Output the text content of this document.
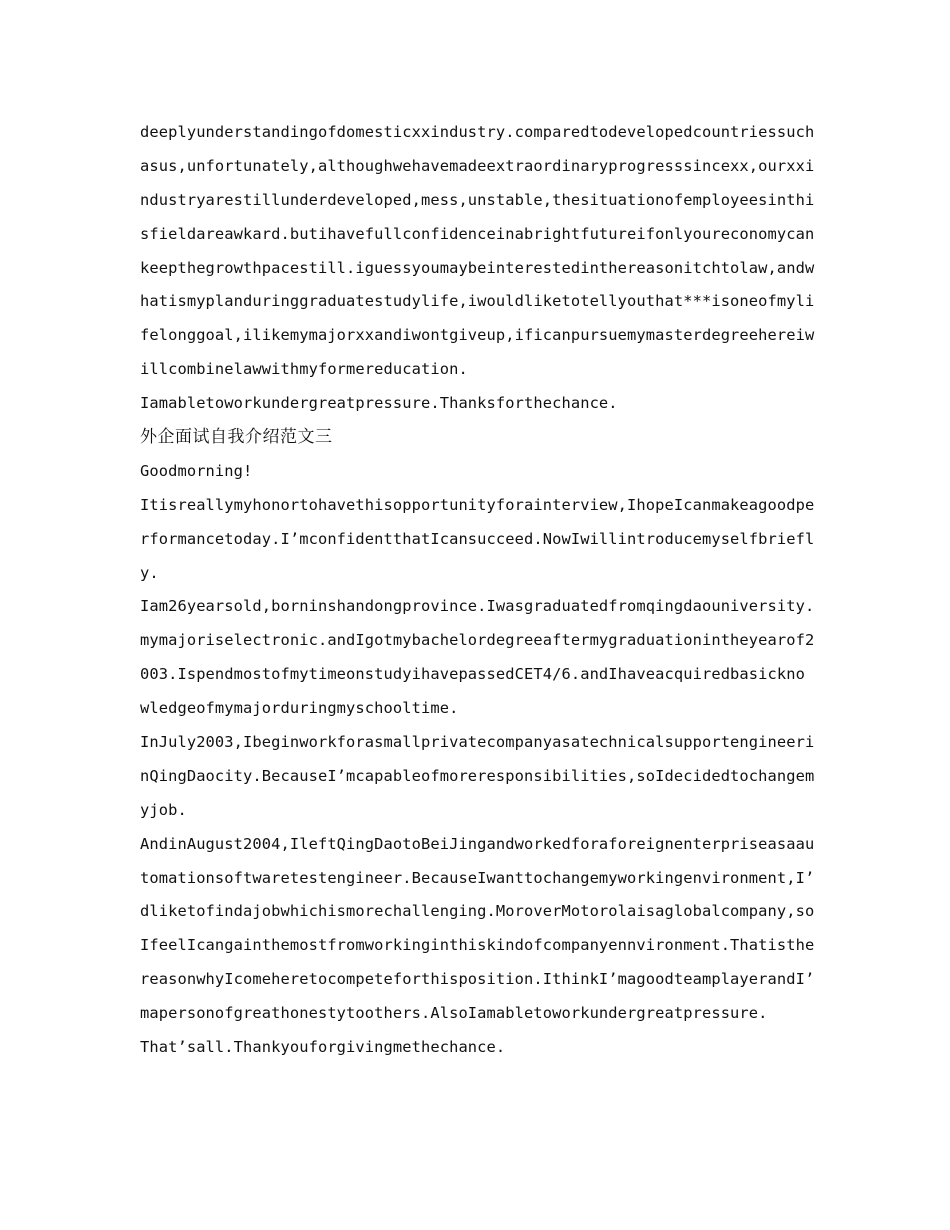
deeplyunderstandingofdomesticxxindustry.comparedtodevelopedcountriessuch
asus,unfortunately,althoughwehavemadeextraordinaryprogresssincexx,ourxxi
ndustryarestillunderdeveloped,mess,unstable,thesituationofemployeesinthi
sfieldareawkard.butihavefullconfidenceinabrightfutureifonlyoureconomycan
keepthegrowthpacestill.iguessyoumaybeinterestedinthereasonitchtolaw,andw
hatismyplanduringgraduatestudylife,iwouldliketotellyouthat***isoneofmyli
felonggoal,ilikemymajorxxandiwontgiveup,ificanpursuemymasterdegreehereiw
illcombinelawwithmyformereducation.
Iamabletoworkundergreatpressure.Thanksforthechance.
外企面试自我介绍范文三
Goodmorning!
Itisreallymyhonortohavethisopportunityforainterview,IhopeIcanmakeagoodpe
rformancetoday.I’mconfidentthatIcansucceed.NowIwillintroducemyselfbriefl
y.
Iam26yearsold,borninshandongprovince.Iwasgraduatedfromqingdaouniversity.
mymajoriselectronic.andIgotmybachelordegreeaftermygraduationintheyearof2
003.IspendmostofmytimeonstudyihavepassedCET4/6.andIhaveacquiredbasickno
wledgeofmymajorduringmyschooltime.
InJuly2003,Ibeginworkforasmallprivatecompanyasatechnicalsupportengineeri
nQingDaocity.BecauseI’mcapableofmoreresponsibilities,soIdecidedtochangem
yjob.
AndinAugust2004,IleftQingDaotoBeiJingandworkedforaforeignenterpriseasaau
tomationsoftwaretestengineer.BecauseIwanttochangemyworkingenvironment,I’
dliketofindajobwhichismorechallenging.MoroverMotorolaisaglobalcompany,so
IfeelIcangainthemostfromworkinginthiskindofcompanyennvironment.Thatisthe
reasonwhyIcomeheretocompeteforthisposition.IthinkI’magoodteamplayerandI’
mapersonofgreathonestytoothers.AlsoIamabletoworkundergreatpressure.
That’sall.Thankyouforgivingmethechance.
